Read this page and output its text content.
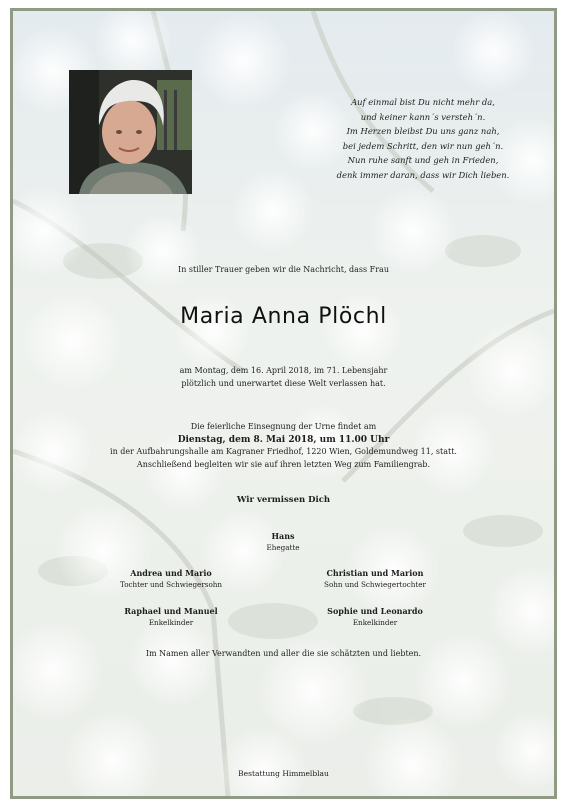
Auf einmal bist Du nicht mehr da,
und keiner kann´s versteh´n.
Im Herzen bleibst Du uns ganz nah,
bei jedem Schritt, den wir nun geh´n.
Nun ruhe sanft und geh in Frieden,
denk immer daran, dass wir Dich lieben.
In stiller Trauer geben wir die Nachricht, dass Frau
Maria Anna Plöchl
am Montag, dem 16. April 2018, im 71. Lebensjahr
plötzlich und unerwartet diese Welt verlassen hat.
Die feierliche Einsegnung der Urne findet am
Dienstag, dem 8. Mai 2018, um 11.00 Uhr
in der Aufbahrungshalle am Kagraner Friedhof, 1220 Wien, Goldemundweg 11, statt.
Anschließend begleiten wir sie auf ihren letzten Weg zum Familiengrab.
Wir vermissen Dich
Hans
Ehegatte
Andrea und Mario
Tochter und Schwiegersohn
Christian und Marion
Sohn und Schwiegertochter
Raphael und Manuel
Enkelkinder
Sophie und Leonardo
Enkelkinder
Im Namen aller Verwandten und aller die sie schätzten und liebten.
Bestattung Himmelblau
